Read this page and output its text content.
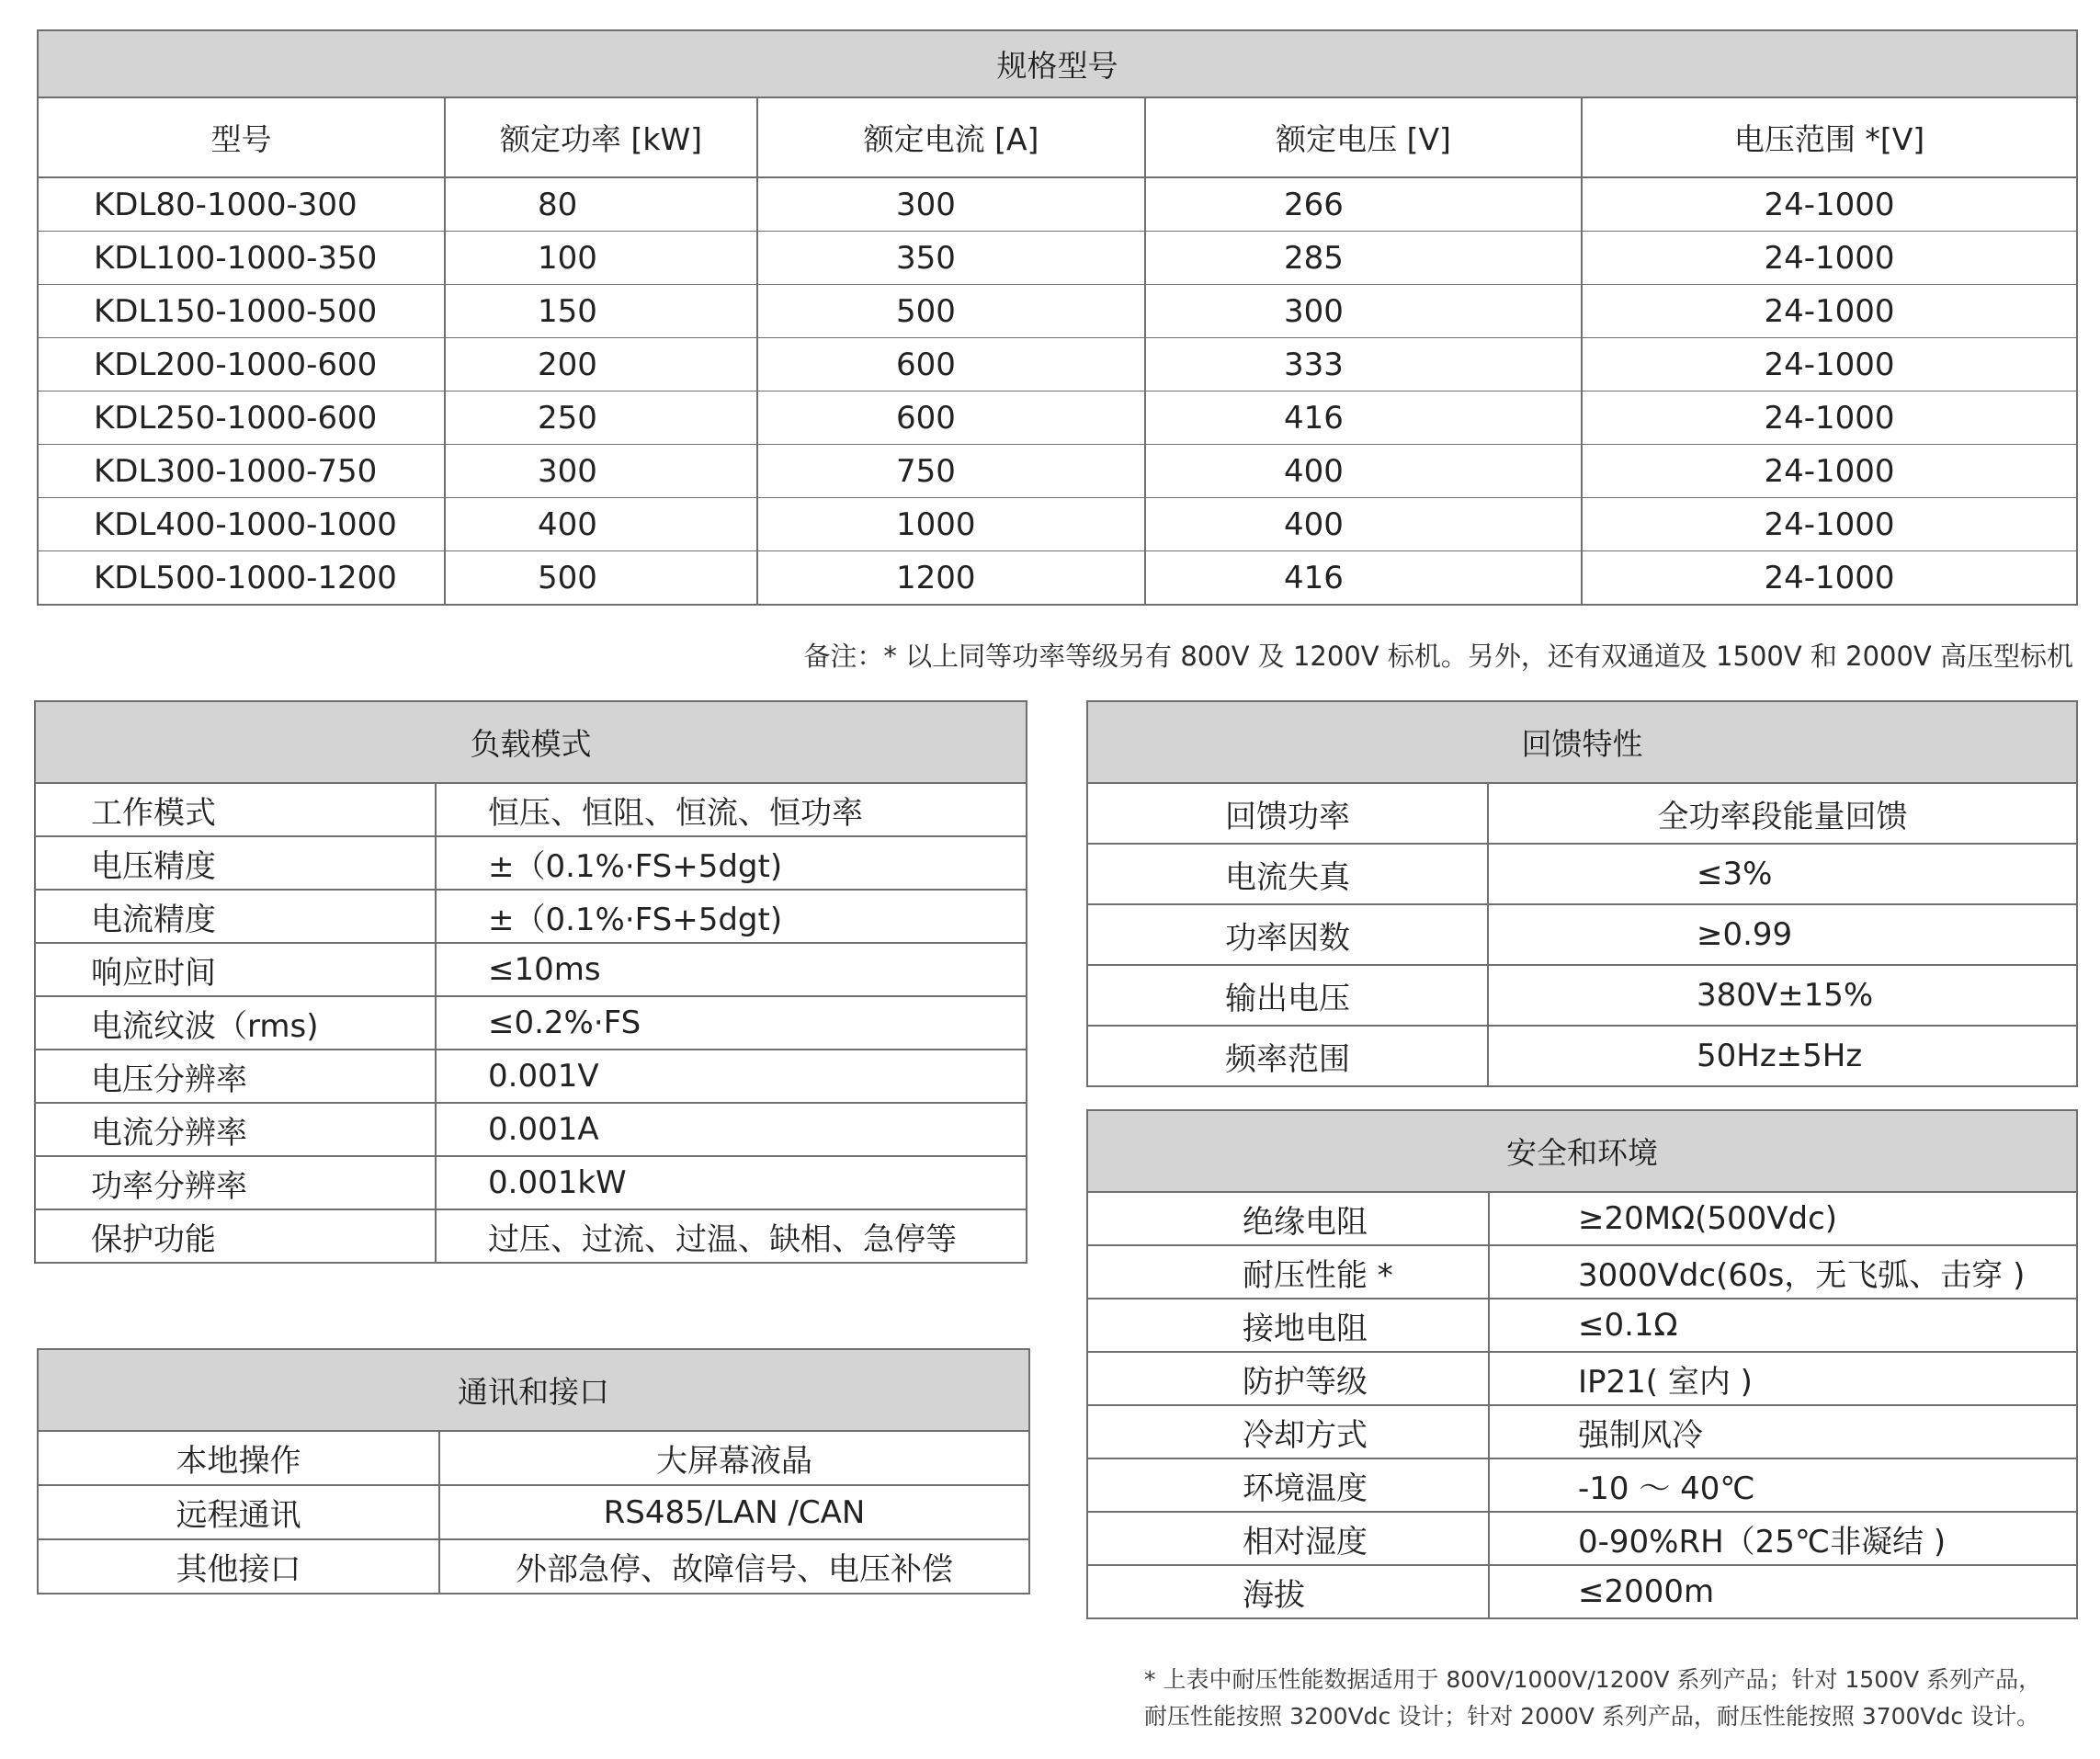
规格型号				
型号	额定功率 [kW]	额定电流 [A]	额定电压 [V]	电压范围 *[V]
KDL80-1000-300	80	300	266	24-1000
KDL100-1000-350	100	350	285	24-1000
KDL150-1000-500	150	500	300	24-1000
KDL200-1000-600	200	600	333	24-1000
KDL250-1000-600	250	600	416	24-1000
KDL300-1000-750	300	750	400	24-1000
KDL400-1000-1000	400	1000	400	24-1000
KDL500-1000-1200	500	1200	416	24-1000
备注：* 以上同等功率等级另有 800V 及 1200V 标机。另外，还有双通道及 1500V 和 2000V 高压型标机
负载模式	
工作模式	恒压、恒阻、恒流、恒功率
电压精度	±（0.1%·FS+5dgt)
电流精度	±（0.1%·FS+5dgt)
响应时间	≤10ms
电流纹波（rms)	≤0.2%·FS
电压分辨率	0.001V
电流分辨率	0.001A
功率分辨率	0.001kW
保护功能	过压、过流、过温、缺相、急停等
回馈特性	
回馈功率	全功率段能量回馈
电流失真	≤3%
功率因数	≥0.99
输出电压	380V±15%
频率范围	50Hz±5Hz
通讯和接口	
本地操作	大屏幕液晶
远程通讯	RS485/LAN /CAN
其他接口	外部急停、故障信号、电压补偿
安全和环境	
绝缘电阻	≥20MΩ(500Vdc)
耐压性能 *	3000Vdc(60s，无飞弧、击穿 )
接地电阻	≤0.1Ω
防护等级	IP21( 室内 )
冷却方式	强制风冷
环境温度	-10 ～ 40℃
相对湿度	0-90%RH（25℃非凝结 )
海拔	≤2000m
* 上表中耐压性能数据适用于 800V/1000V/1200V 系列产品；针对 1500V 系列产品，
耐压性能按照 3200Vdc 设计；针对 2000V 系列产品，耐压性能按照 3700Vdc 设计。
